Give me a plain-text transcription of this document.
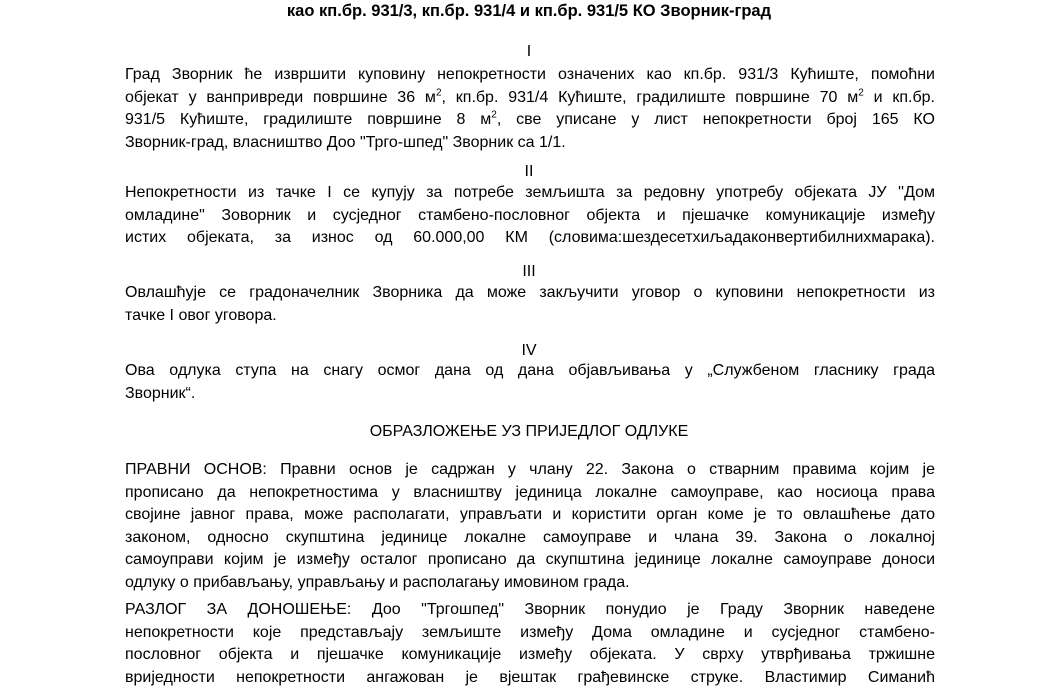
као кп.бр. 931/3, кп.бр. 931/4 и кп.бр. 931/5 КО Зворник-град
I
Град Зворник ће извршити куповину непокретности означених као кп.бр. 931/3 Кућиште, помоћни
објекат у ванпривреди површине 36 $м^2$, кп.бр. 931/4 Кућиште, градилиште површине 70 $м^2$ и кп.бр.
931/5 Кућиште, градилиште површине 8 $м^2$, све уписане у лист непокретности број 165 КО
Зворник-град, власништво Доо "Трго-шпед" Зворник са 1/1.
II
Непокретности из тачке I се купују за потребе земљишта за редовну употребу објеката ЈУ ''Дом
омладине" Зоворник и сусједног стамбено-пословног објекта и пјешачке комуникације између
истих објеката, за износ од 60.000,00 КМ (словима:шездесетхиљадаконвертибилнихмарака).
III
Овлашћује се градоначелник Зворника да може закључити уговор о куповини непокретности из
тачке I овог уговора.
IV
Ова одлука ступа на снагу осмог дана од дана објављивања у „Службеном гласнику града
Зворник“.
ОБРАЗЛОЖЕЊЕ УЗ ПРИЈЕДЛОГ ОДЛУКЕ
ПРАВНИ ОСНОВ: Правни основ је садржан у члану 22. Закона о стварним правима којим је
прописано да непокретностима у власништву јединица локалне самоуправе, као носиоца права
својине јавног права, може располагати, управљати и користити орган коме је то овлашћење дато
законом, односно скупштина јединице локалне самоуправе и члана 39. Закона о локалној
самоуправи којим је између осталог прописано да скупштина јединице локалне самоуправе доноси
одлуку о прибављању, управљању и располагању имовином града.
РАЗЛОГ ЗА ДОНОШЕЊЕ: Доо "Тргошпед" Зворник понудио је Граду Зворник наведене
непокретности које представљају земљиште између Дома омладине и сусједног стамбено-
пословног објекта и пјешачке комуникације између објеката. У сврху утврђивања тржишне
вриједности непокретности ангажован је вјештак грађевинске струке. Властимир Симанић
